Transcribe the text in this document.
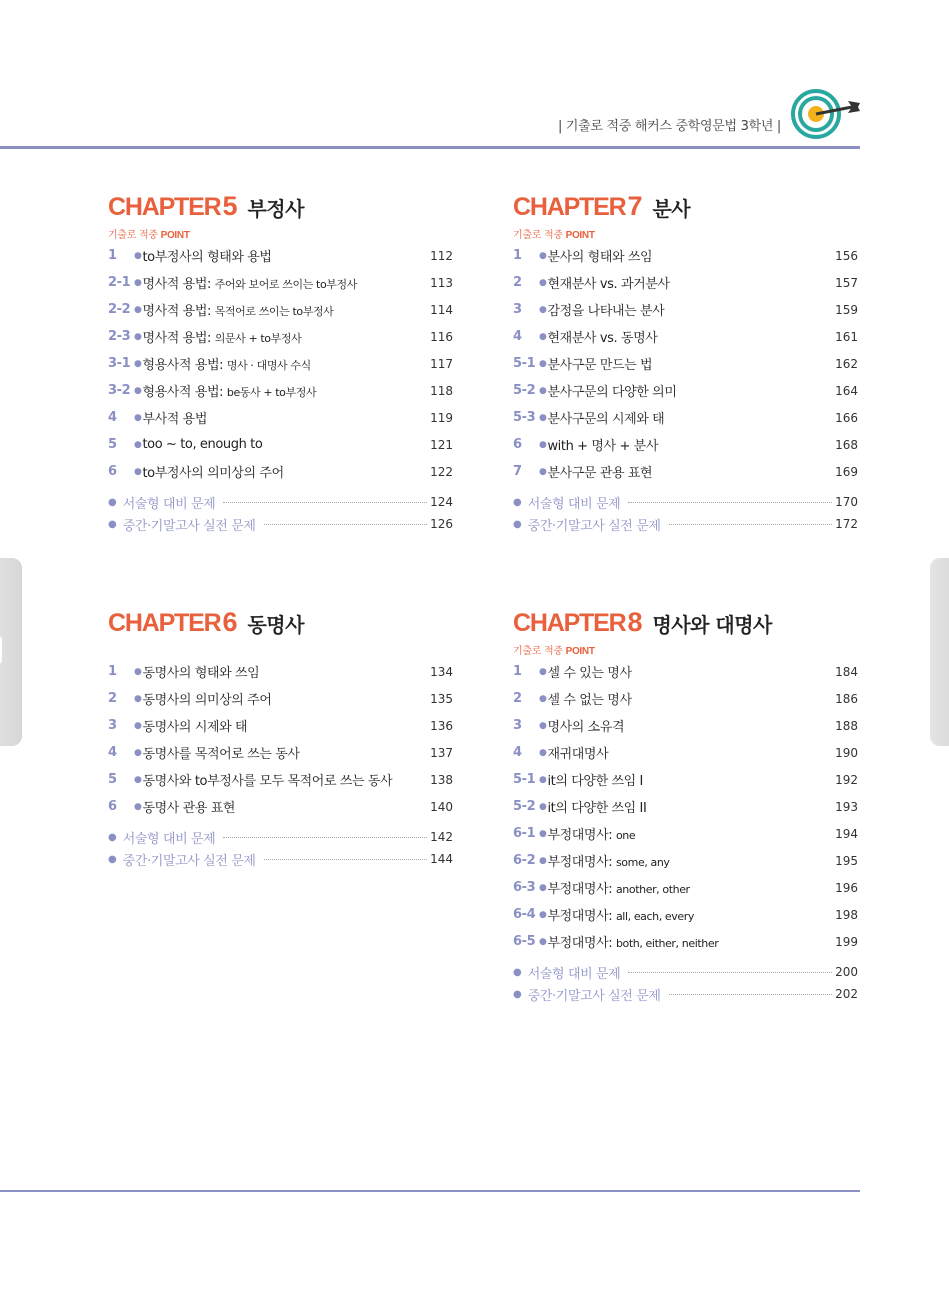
| 기출로 적중 해커스 중학영문법 3학년 |
CHAPTER 5 부정사
기출로 적중 POINT
1	● to부정사의 형태와 용법	112
2-1 ● 명사적 용법: 주어와 보어로 쓰이는 to부정사	113
2-2 ● 명사적 용법: 목적어로 쓰이는 to부정사	114
2-3 ● 명사적 용법: 의문사 + to부정사	116
3-1 ● 형용사적 용법: 명사 · 대명사 수식	117
3-2 ● 형용사적 용법: be동사 + to부정사	118
4	● 부사적 용법	119
5	● too ~ to, enough to	121
6	● to부정사의 의미상의 주어	122
● 서술형 대비 문제	124
● 중간·기말고사 실전 문제	126
CHAPTER 7 분사
기출로 적중 POINT
1	● 분사의 형태와 쓰임	156
2	● 현재분사 vs. 과거분사	157
3	● 감정을 나타내는 분사	159
4	● 현재분사 vs. 동명사	161
5-1 ● 분사구문 만드는 법	162
5-2 ● 분사구문의 다양한 의미	164
5-3 ● 분사구문의 시제와 태	166
6	● with + 명사 + 분사	168
7	● 분사구문 관용 표현	169
● 서술형 대비 문제	170
● 중간·기말고사 실전 문제	172
CHAPTER 6 동명사
1	● 동명사의 형태와 쓰임	134
2	● 동명사의 의미상의 주어	135
3	● 동명사의 시제와 태	136
4	● 동명사를 목적어로 쓰는 동사	137
5	● 동명사와 to부정사를 모두 목적어로 쓰는 동사	138
6	● 동명사 관용 표현	140
● 서술형 대비 문제	142
● 중간·기말고사 실전 문제	144
CHAPTER 8 명사와 대명사
기출로 적중 POINT
1	● 셀 수 있는 명사	184
2	● 셀 수 없는 명사	186
3	● 명사의 소유격	188
4	● 재귀대명사	190
5-1 ● it의 다양한 쓰임 I	192
5-2 ● it의 다양한 쓰임 II	193
6-1 ● 부정대명사: one	194
6-2 ● 부정대명사: some, any	195
6-3 ● 부정대명사: another, other	196
6-4 ● 부정대명사: all, each, every	198
6-5 ● 부정대명사: both, either, neither	199
● 서술형 대비 문제	200
● 중간·기말고사 실전 문제	202
